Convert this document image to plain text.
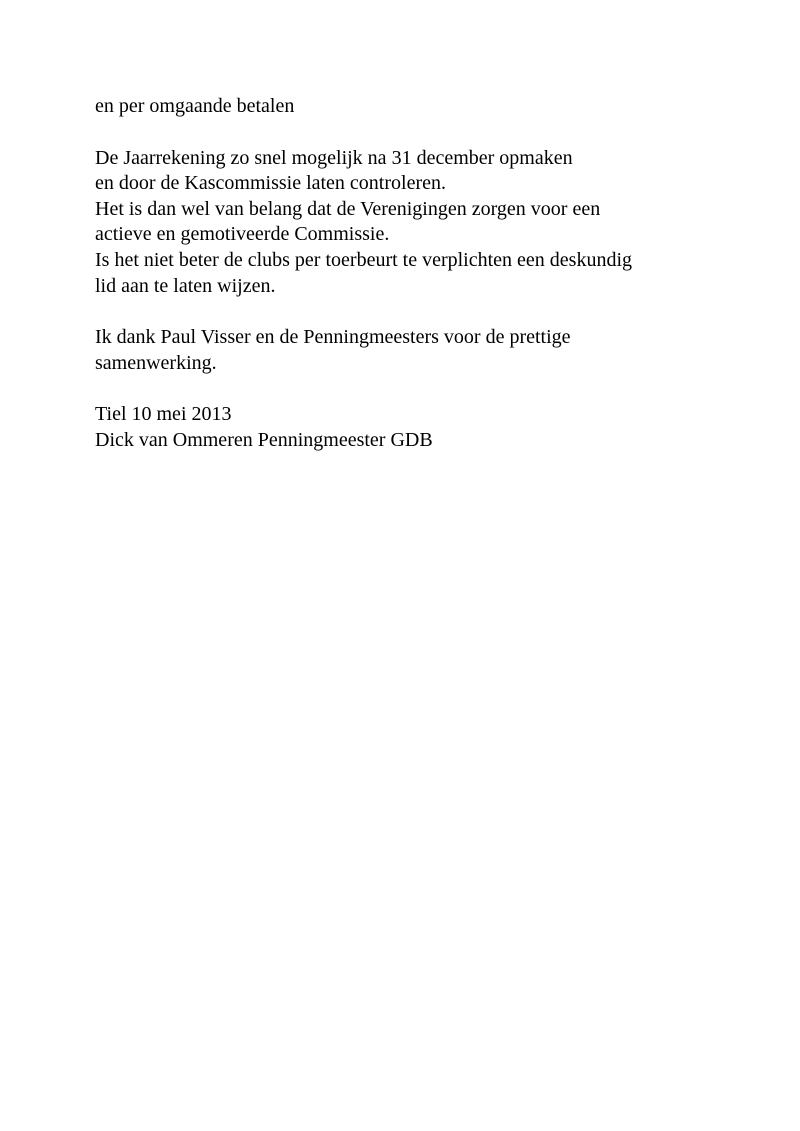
en per omgaande betalen

De Jaarrekening zo snel mogelijk na 31 december opmaken
en door de Kascommissie laten controleren.
Het is dan wel van belang dat de Verenigingen zorgen voor een
actieve en gemotiveerde Commissie.
Is het niet beter de clubs per toerbeurt te verplichten een deskundig
lid aan te laten wijzen.

Ik dank Paul Visser en de Penningmeesters voor de prettige
samenwerking.

Tiel 10 mei 2013
Dick van Ommeren Penningmeester GDB
